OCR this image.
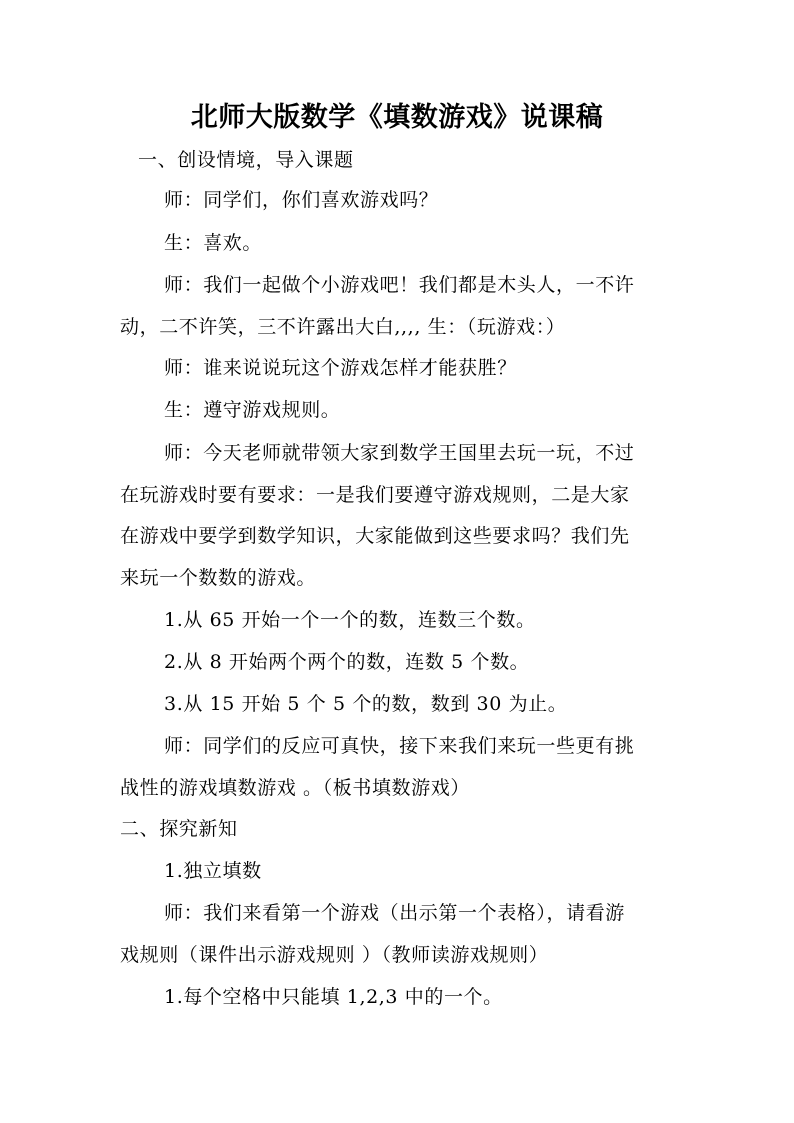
北师大版数学《填数游戏》说课稿
一、创设情境，导入课题
师：同学们，你们喜欢游戏吗？
生：喜欢。
师：我们一起做个小游戏吧！我们都是木头人，一不许
动，二不许笑，三不许露出大白,,,, 生：（玩游戏：）
师：谁来说说玩这个游戏怎样才能获胜？
生：遵守游戏规则。
师：今天老师就带领大家到数学王国里去玩一玩，不过
在玩游戏时要有要求：一是我们要遵守游戏规则，二是大家
在游戏中要学到数学知识，大家能做到这些要求吗？我们先
来玩一个数数的游戏。
1.从 65 开始一个一个的数，连数三个数。
2.从 8 开始两个两个的数，连数 5 个数。
3.从 15 开始 5 个 5 个的数，数到 30 为止。
师：同学们的反应可真快，接下来我们来玩一些更有挑
战性的游戏填数游戏 。（板书填数游戏）
二、探究新知
1.独立填数
师：我们来看第一个游戏（出示第一个表格），请看游
戏规则（课件出示游戏规则 ）（教师读游戏规则）
1.每个空格中只能填 1,2,3 中的一个。
